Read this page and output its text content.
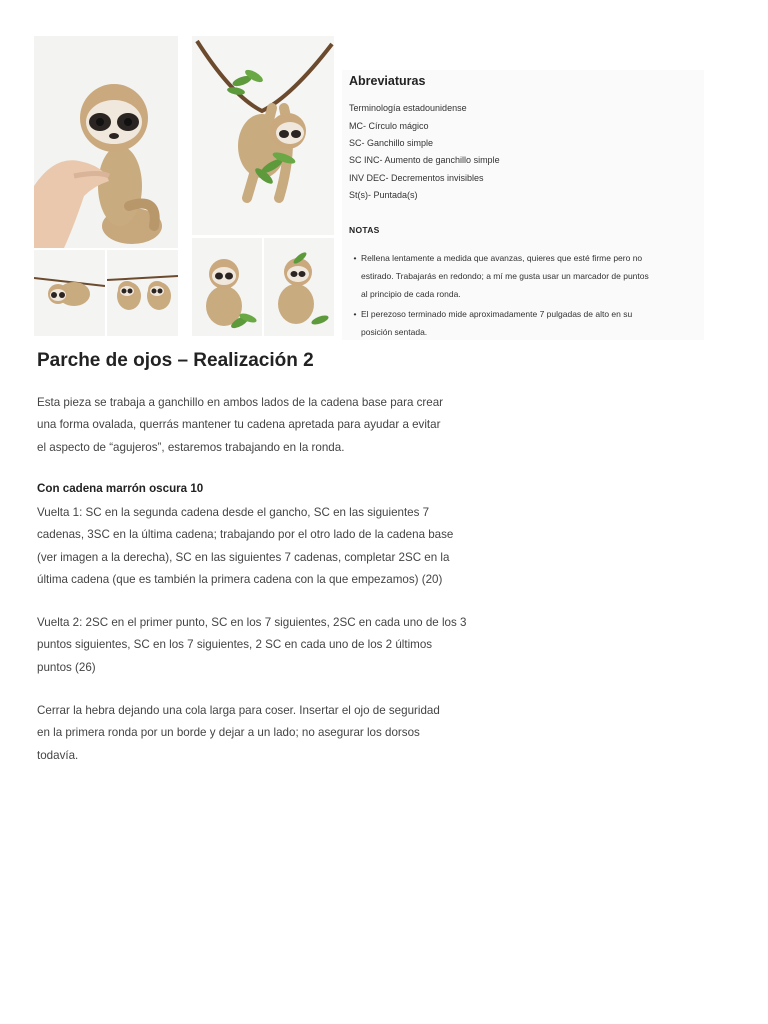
Abreviaturas
Terminología estadounidense
MC- Círculo mágico
SC- Ganchillo simple
SC INC- Aumento de ganchillo simple
INV DEC- Decrementos invisibles
St(s)- Puntada(s)
NOTAS
• Rellena lentamente a medida que avanzas, quieres que esté firme pero no
estirado. Trabajarás en redondo; a mí me gusta usar un marcador de puntos
al principio de cada ronda.
• El perezoso terminado mide aproximadamente 7 pulgadas de alto en su
posición sentada.
Parche de ojos – Realización 2

Esta pieza se trabaja a ganchillo en ambos lados de la cadena base para crear
una forma ovalada, querrás mantener tu cadena apretada para ayudar a evitar
el aspecto de “agujeros”, estaremos trabajando en la ronda.

Con cadena marrón oscura 10

Vuelta 1: SC en la segunda cadena desde el gancho, SC en las siguientes 7
cadenas, 3SC en la última cadena; trabajando por el otro lado de la cadena base
(ver imagen a la derecha), SC en las siguientes 7 cadenas, completar 2SC en la
última cadena (que es también la primera cadena con la que empezamos) (20)

Vuelta 2: 2SC en el primer punto, SC en los 7 siguientes, 2SC en cada uno de los 3
puntos siguientes, SC en los 7 siguientes, 2 SC en cada uno de los 2 últimos
puntos (26)

Cerrar la hebra dejando una cola larga para coser. Insertar el ojo de seguridad
en la primera ronda por un borde y dejar a un lado; no asegurar los dorsos
todavía.
